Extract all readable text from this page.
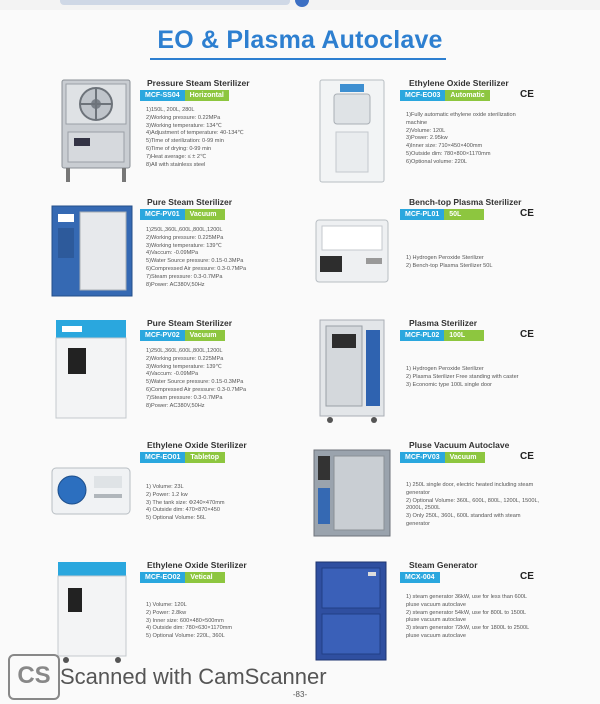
EO & Plasma Autoclave
Pressure Steam Sterilizer
MCF-SS04	Horizontal
1)150L, 200L, 280L
2)Working pressure: 0.22MPa
3)Working temperature: 134℃
4)Adjustment of temperature: 40-134℃
5)Time of sterilization: 0-99 min
6)Time of drying: 0-99 min
7)Heat average: ≤ ± 2℃
8)All with stainless steel
Ethylene Oxide Sterilizer
MCF-EO03	Automatic	CE
1)Fully automatic ethylene oxide sterilization machine
2)Volume: 120L
3)Power: 2.95kw
4)Inner size: 710×450×400mm
5)Outside dim: 780×800×1170mm
6)Optional volume: 220L
Pure Steam Sterilizer
MCF-PV01	Vacuum
1)250L,360L,600L,800L,1200L
2)Working pressure: 0.225MPa
3)Working temperature: 139℃
4)Vaccum: -0.09MPa
5)Water Source pressure: 0.15-0.3MPa
6)Compressed Air pressure: 0.3-0.7MPa
7)Steam pressure: 0.3-0.7MPa
8)Power: AC380V,50Hz
Bench-top Plasma Sterilizer
MCF-PL01	50L	CE
1) Hydrogen Peroxide Sterilizer
2) Bench-top Plasma Sterilizer 50L
Pure Steam Sterilizer
MCF-PV02	Vacuum
1)250L,360L,600L,800L,1200L
2)Working pressure: 0.225MPa
3)Working temperature: 139℃
4)Vaccum: -0.09MPa
5)Water Source pressure: 0.15-0.3MPa
6)Compressed Air pressure: 0.3-0.7MPa
7)Steam pressure: 0.3-0.7MPa
8)Power: AC380V,50Hz
Plasma Sterilizer
MCF-PL02	100L	CE
1) Hydrogen Peroxide Sterilizer
2) Plasma Sterilizer Free standing with caster
3) Economic type 100L single door
Ethylene Oxide Sterilizer
MCF-EO01	Tabletop
1) Volume: 23L
2) Power: 1.2 kw
3) The tank size: Φ240×470mm
4) Outside dim: 470×870×450
5) Optional Volume: 56L
Pluse Vacuum Autoclave
MCF-PV03	Vacuum	CE
1) 250L single door, electric heated including steam generator
2) Optional Volume: 360L, 600L, 800L, 1200L, 1500L, 2000L, 2500L
3) Only 250L, 360L, 600L standard with steam generator
Ethylene Oxide Sterilizer
MCF-EO02	Vetical
1) Volume: 120L
2) Power: 2.8kw
3) Inner size: 600×480×500mm
4) Outside dim: 780×630×1170mm
5) Optional Volume: 220L, 360L
Steam Generator
MCX-004	CE
1) steam generator 36kW, use for less than 600L pluse vacuum autoclave
2) steam generator 54kW, use for 800L to 1500L pluse vacuum autoclave
3) steam generator 72kW, use for 1800L to 2500L pluse vacuum autoclave
CS Scanned with CamScanner
-83-
